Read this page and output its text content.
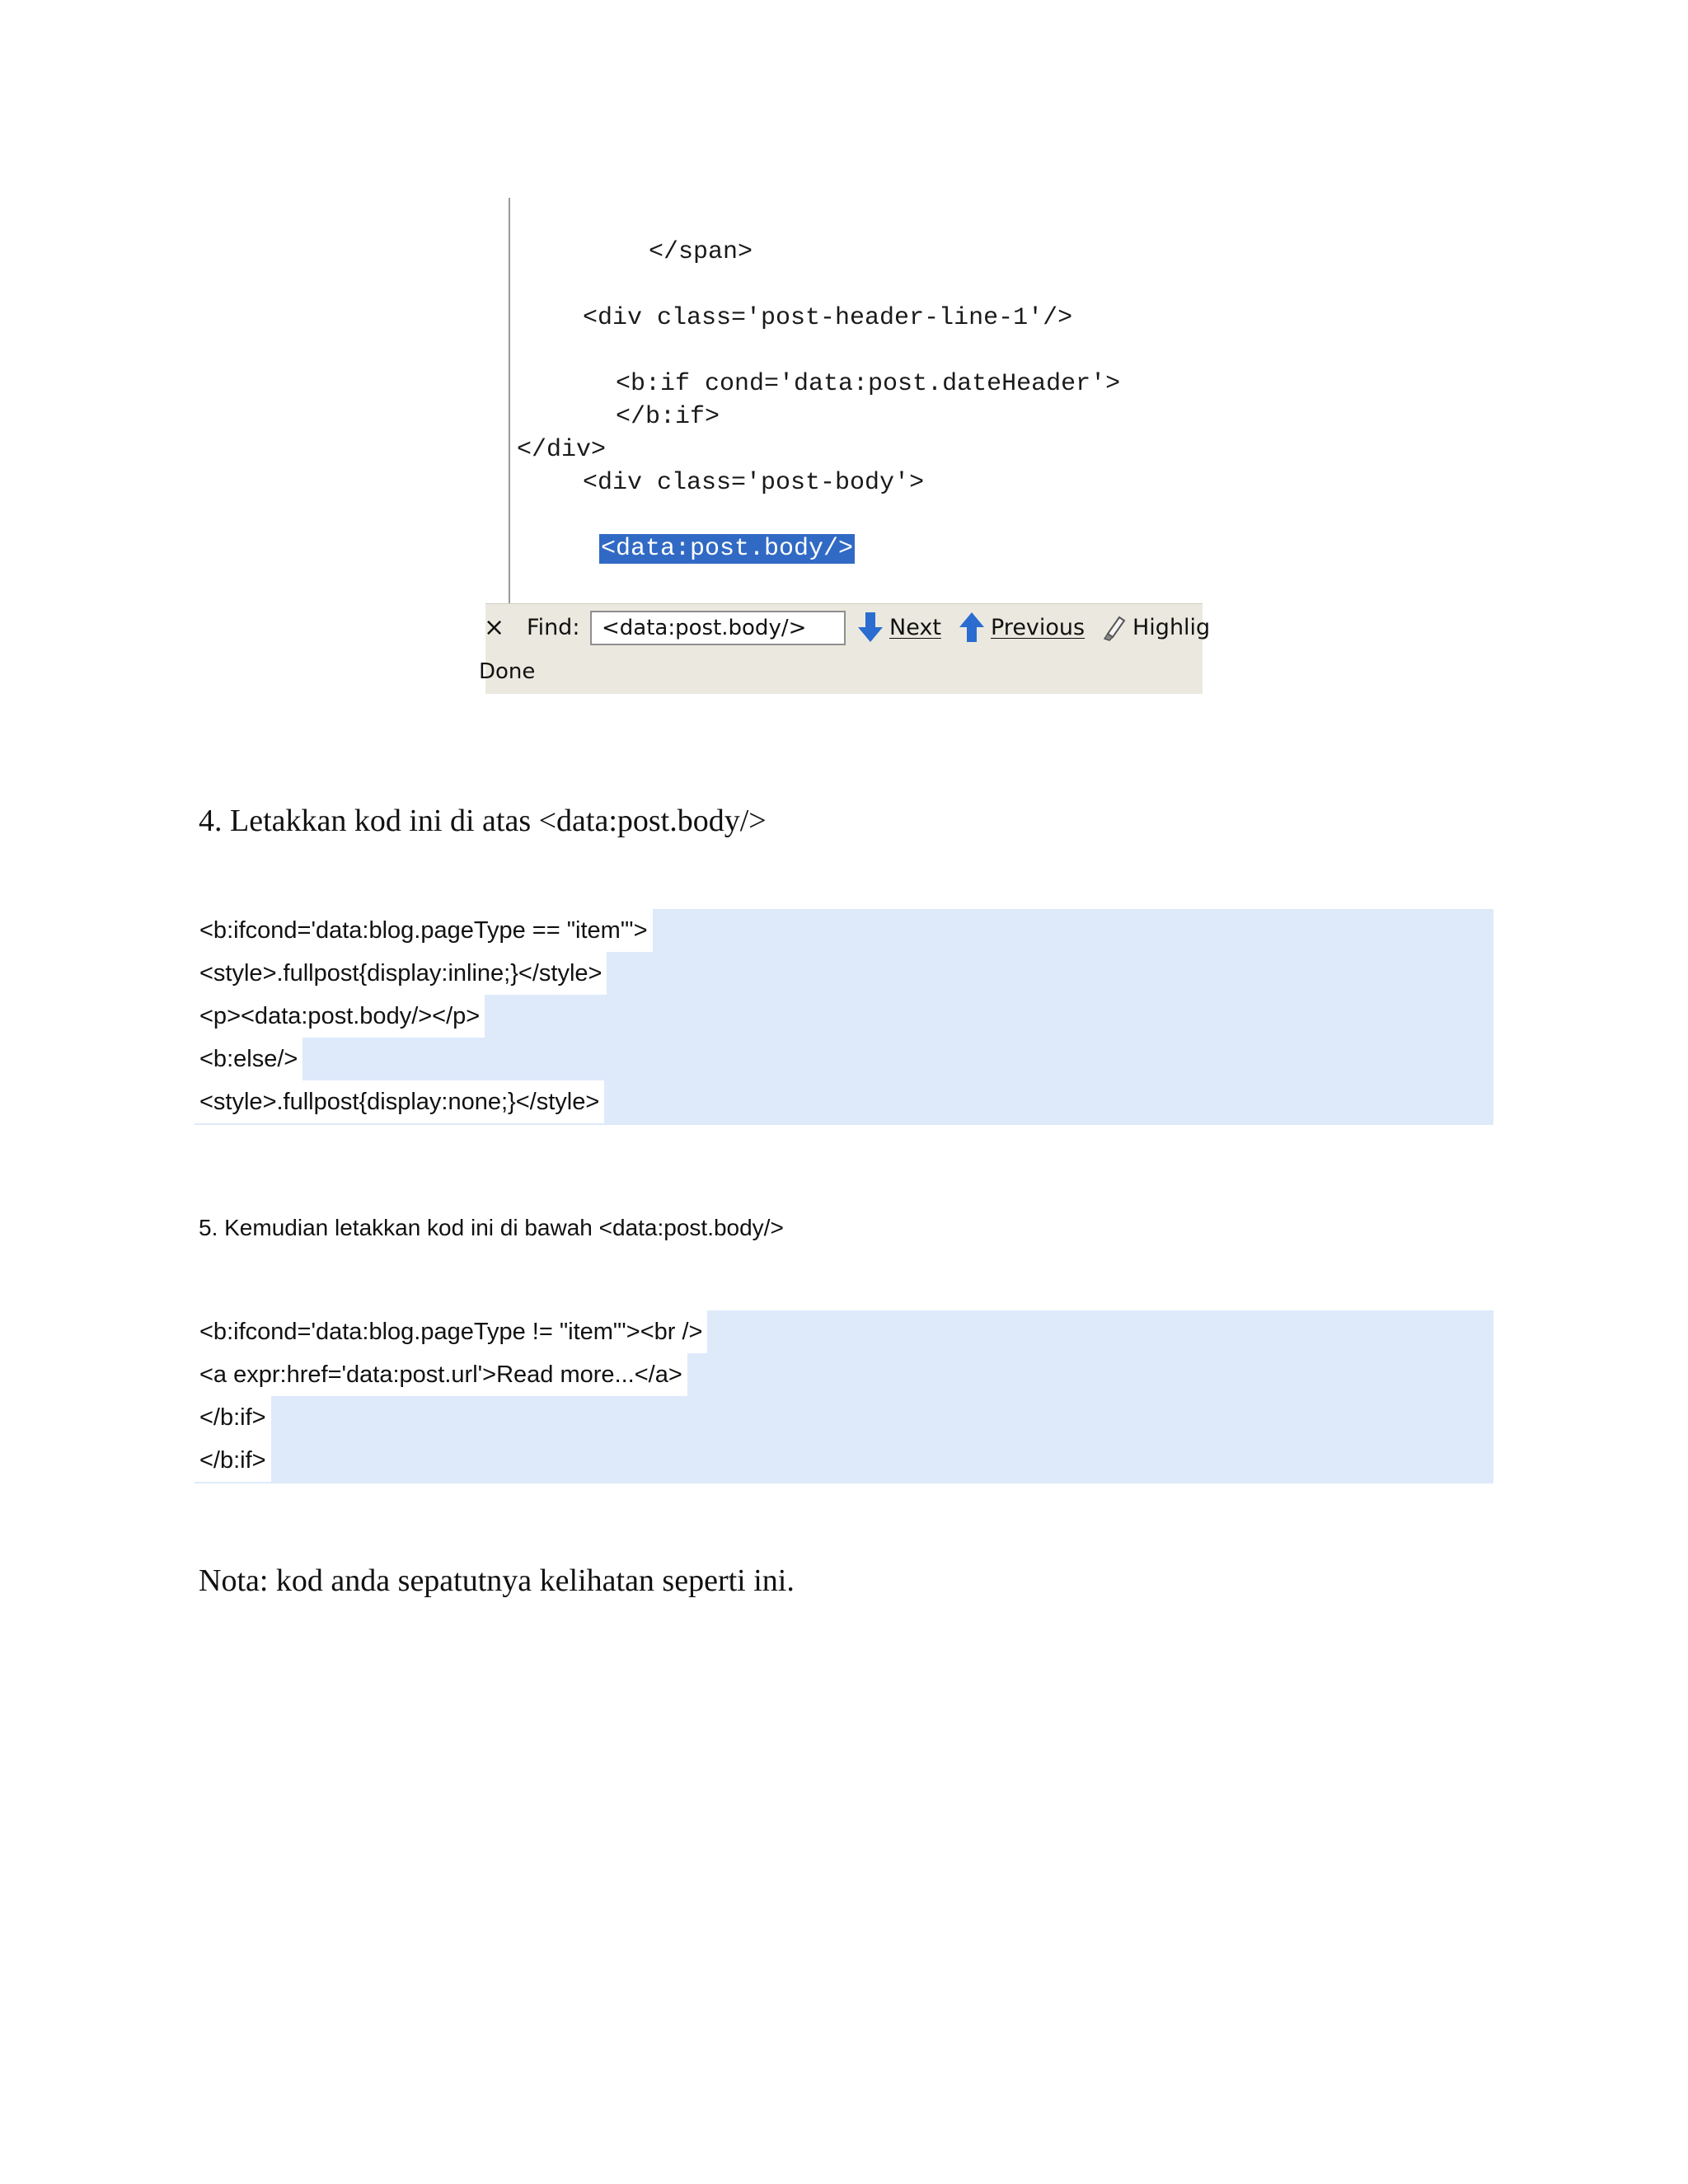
</span>
<div class='post-header-line-1'/>
<b:if cond='data:post.dateHeader'>
</b:if>
</div>
<div class='post-body'>
<data:post.body/>
× Find:	<data:post.body/>	Next Previous Highlig
Done
4. Letakkan kod ini di atas <data:post.body/>
<b:ifcond='data:blog.pageType == "item"'>
<style>.fullpost{display:inline;}</style>
<p><data:post.body/></p>
<b:else/>
<style>.fullpost{display:none;}</style>
5. Kemudian letakkan kod ini di bawah <data:post.body/>
<b:ifcond='data:blog.pageType != "item"'><br />
<a expr:href='data:post.url'>Read more...</a>
</b:if>
</b:if>
Nota: kod anda sepatutnya kelihatan seperti ini.
